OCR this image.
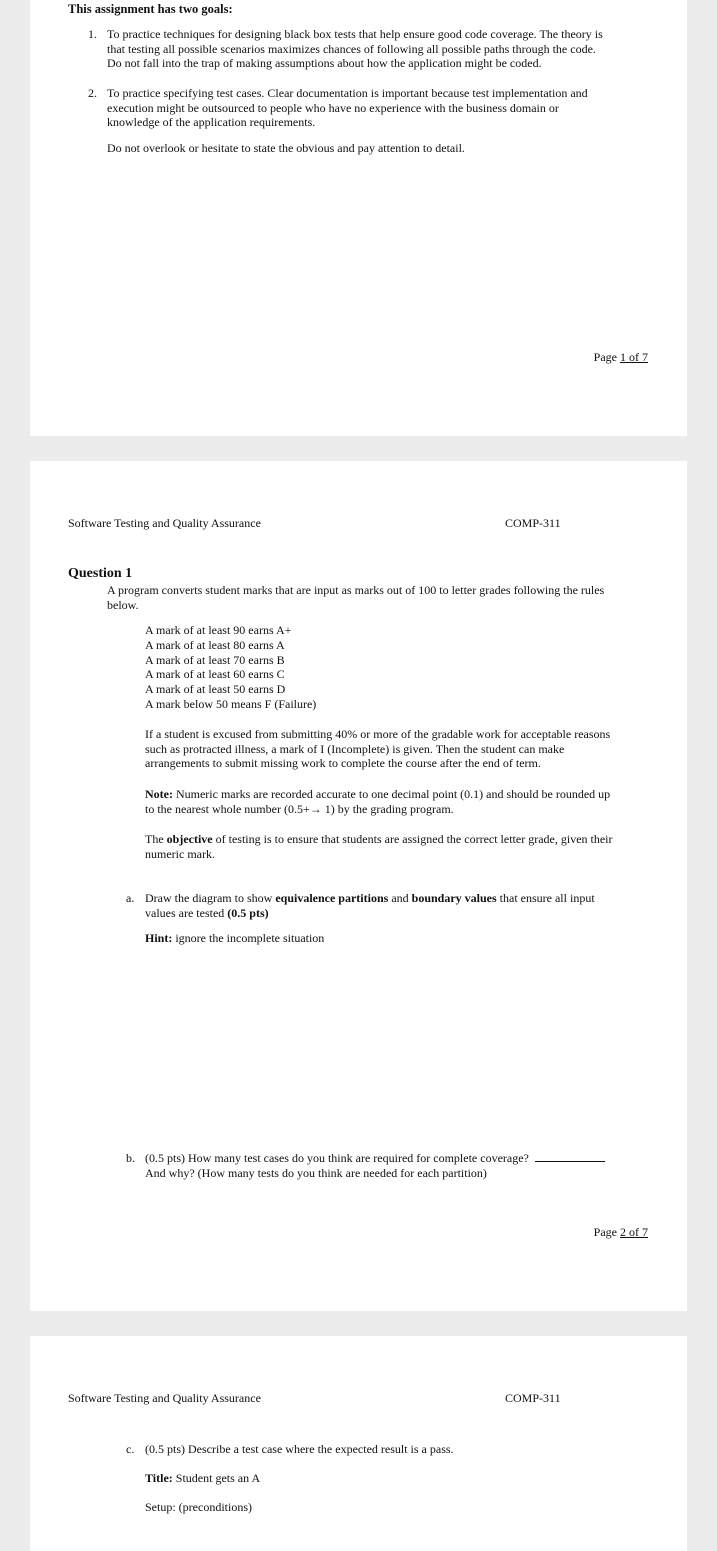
This assignment has two goals:
1. To practice techniques for designing black box tests that help ensure good code coverage. The theory is
that testing all possible scenarios maximizes chances of following all possible paths through the code.
Do not fall into the trap of making assumptions about how the application might be coded.
2. To practice specifying test cases. Clear documentation is important because test implementation and
execution might be outsourced to people who have no experience with the business domain or
knowledge of the application requirements.
Do not overlook or hesitate to state the obvious and pay attention to detail.
Page 1 of 7
Software Testing and Quality Assurance	COMP-311
Question 1
A program converts student marks that are input as marks out of 100 to letter grades following the rules
below.
A mark of at least 90 earns A+
A mark of at least 80 earns A
A mark of at least 70 earns B
A mark of at least 60 earns C
A mark of at least 50 earns D
A mark below 50 means F (Failure)
If a student is excused from submitting 40% or more of the gradable work for acceptable reasons
such as protracted illness, a mark of I (Incomplete) is given. Then the student can make
arrangements to submit missing work to complete the course after the end of term.
Note: Numeric marks are recorded accurate to one decimal point (0.1) and should be rounded up
to the nearest whole number (0.5+→ 1) by the grading program.
The objective of testing is to ensure that students are assigned the correct letter grade, given their
numeric mark.
a. Draw the diagram to show equivalence partitions and boundary values that ensure all input
values are tested (0.5 pts)
Hint: ignore the incomplete situation
b. (0.5 pts) How many test cases do you think are required for complete coverage?
And why? (How many tests do you think are needed for each partition)
Page 2 of 7
Software Testing and Quality Assurance	COMP-311
c. (0.5 pts) Describe a test case where the expected result is a pass.
Title: Student gets an A
Setup: (preconditions)
